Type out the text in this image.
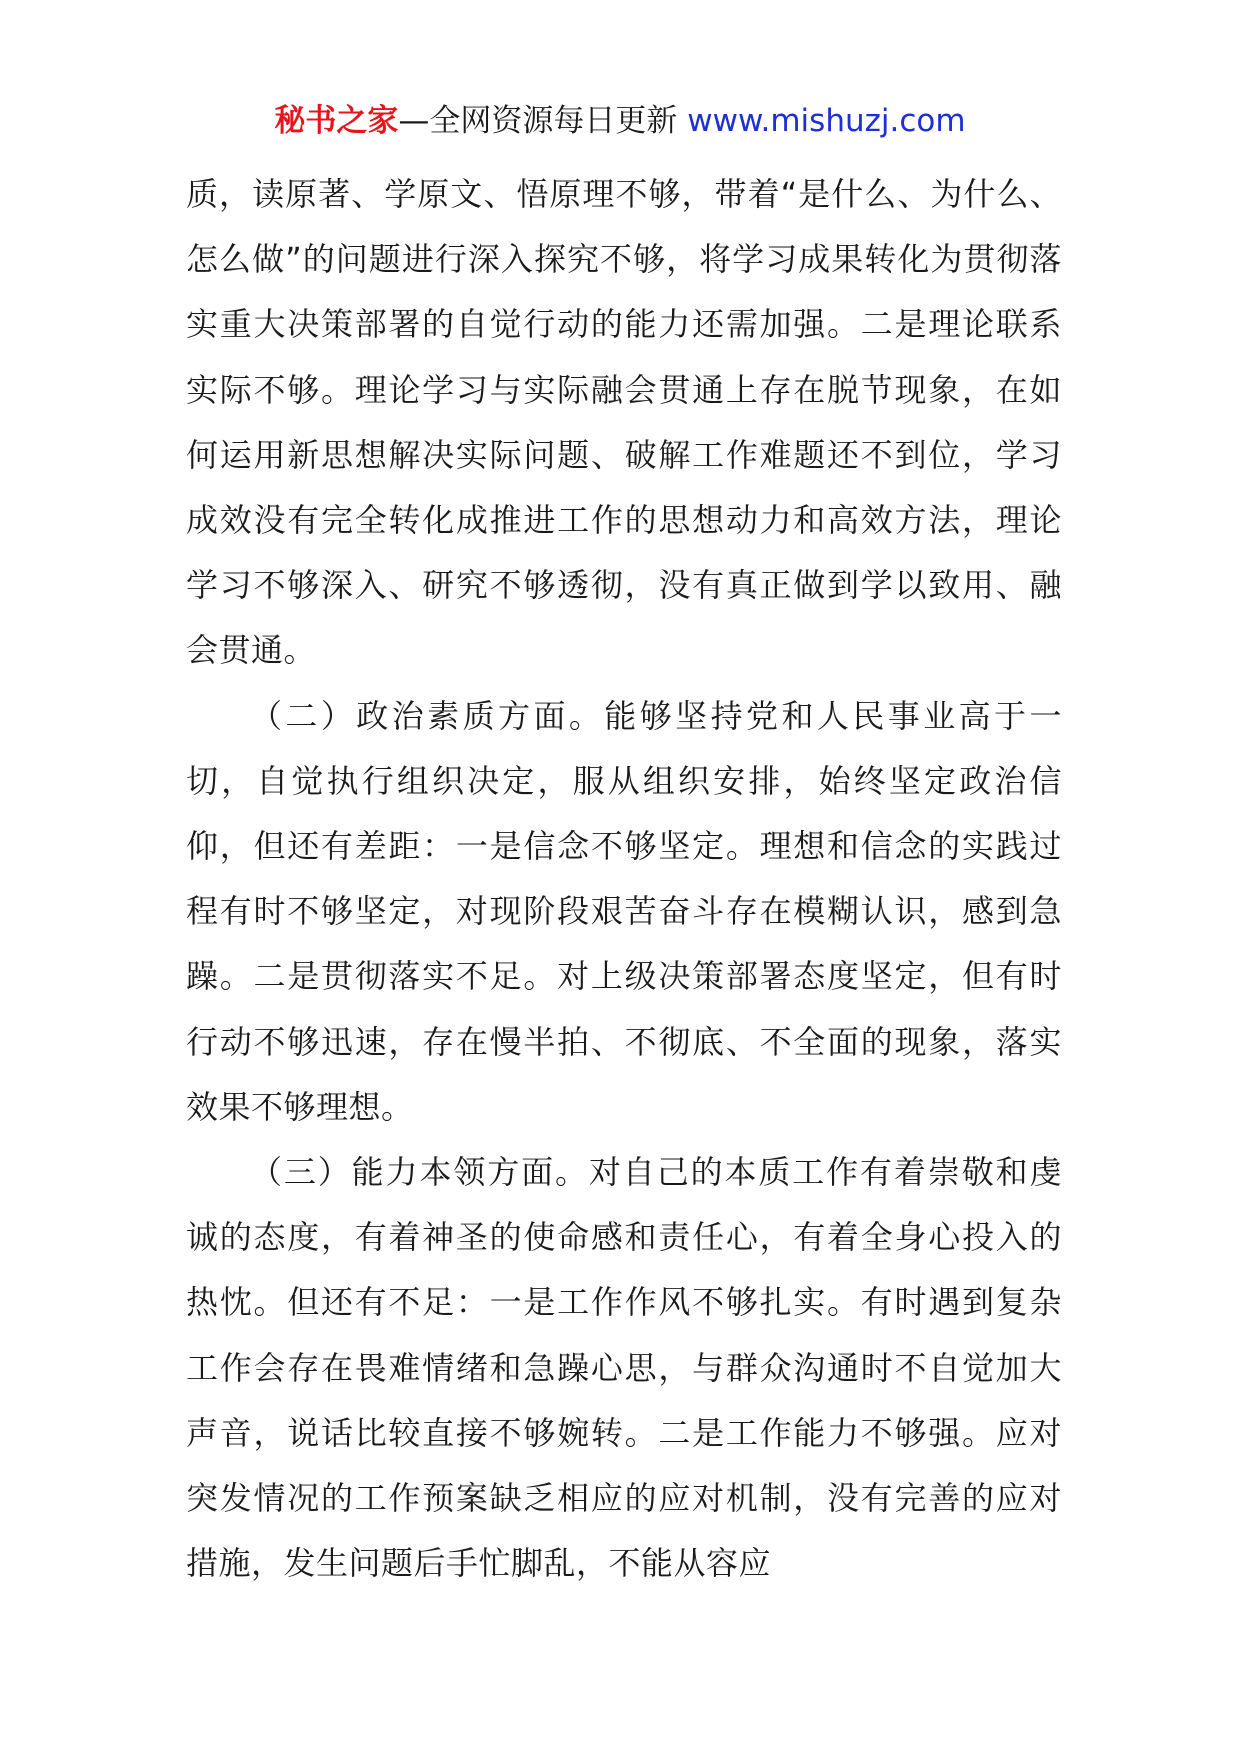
秘书之家—全网资源每日更新 www.mishuzj.com

质，读原著、学原文、悟原理不够，带着“是什么、为什么、怎么做”的问题进行深入探究不够，将学习成果转化为贯彻落实重大决策部署的自觉行动的能力还需加强。二是理论联系实际不够。理论学习与实际融会贯通上存在脱节现象，在如何运用新思想解决实际问题、破解工作难题还不到位，学习成效没有完全转化成推进工作的思想动力和高效方法，理论学习不够深入、研究不够透彻，没有真正做到学以致用、融会贯通。

（二）政治素质方面。能够坚持党和人民事业高于一切，自觉执行组织决定，服从组织安排，始终坚定政治信仰，但还有差距：一是信念不够坚定。理想和信念的实践过程有时不够坚定，对现阶段艰苦奋斗存在模糊认识，感到急躁。二是贯彻落实不足。对上级决策部署态度坚定，但有时行动不够迅速，存在慢半拍、不彻底、不全面的现象，落实效果不够理想。

（三）能力本领方面。对自己的本质工作有着崇敬和虔诚的态度，有着神圣的使命感和责任心，有着全身心投入的热忱。但还有不足：一是工作作风不够扎实。有时遇到复杂工作会存在畏难情绪和急躁心思，与群众沟通时不自觉加大声音，说话比较直接不够婉转。二是工作能力不够强。应对突发情况的工作预案缺乏相应的应对机制，没有完善的应对措施，发生问题后手忙脚乱，不能从容应
